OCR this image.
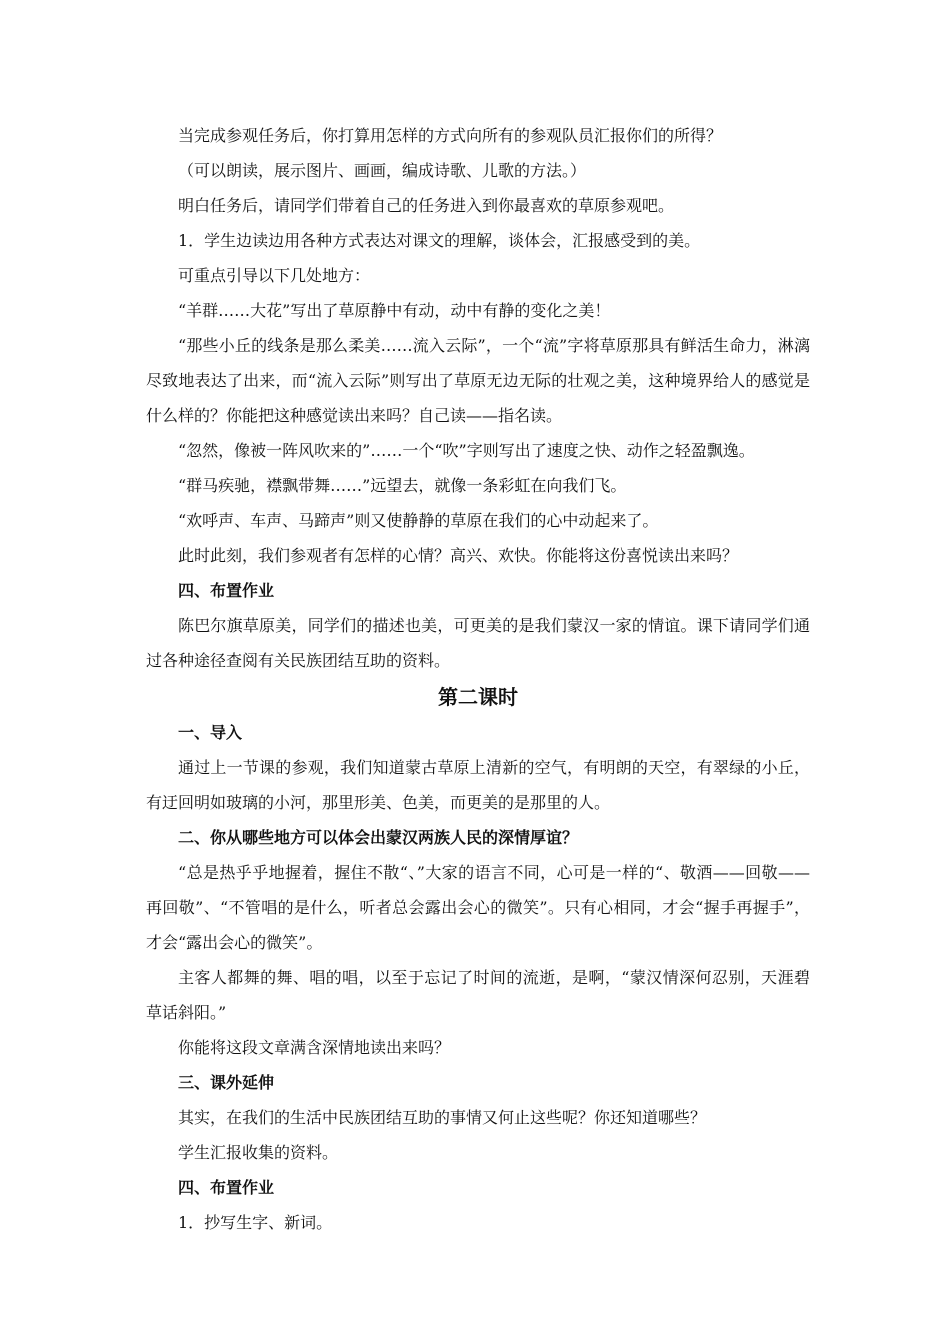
当完成参观任务后，你打算用怎样的方式向所有的参观队员汇报你们的所得？

（可以朗读，展示图片、画画，编成诗歌、儿歌的方法。）

明白任务后，请同学们带着自己的任务进入到你最喜欢的草原参观吧。

1．学生边读边用各种方式表达对课文的理解，谈体会，汇报感受到的美。

可重点引导以下几处地方：

“羊群……大花”写出了草原静中有动，动中有静的变化之美！

“那些小丘的线条是那么柔美……流入云际”，一个“流”字将草原那具有鲜活生命力，淋漓尽致地表达了出来，而“流入云际”则写出了草原无边无际的壮观之美，这种境界给人的感觉是什么样的？你能把这种感觉读出来吗？自己读——指名读。

“忽然，像被一阵风吹来的”……一个“吹”字则写出了速度之快、动作之轻盈飘逸。

“群马疾驰，襟飘带舞……”远望去，就像一条彩虹在向我们飞。

“欢呼声、车声、马蹄声”则又使静静的草原在我们的心中动起来了。

此时此刻，我们参观者有怎样的心情？高兴、欢快。你能将这份喜悦读出来吗？

四、布置作业

陈巴尔旗草原美，同学们的描述也美，可更美的是我们蒙汉一家的情谊。课下请同学们通过各种途径查阅有关民族团结互助的资料。

第二课时

一、导入

通过上一节课的参观，我们知道蒙古草原上清新的空气，有明朗的天空，有翠绿的小丘，有迂回明如玻璃的小河，那里形美、色美，而更美的是那里的人。

二、你从哪些地方可以体会出蒙汉两族人民的深情厚谊？

“总是热乎乎地握着，握住不散“、”大家的语言不同，心可是一样的“、敬酒——回敬——再回敬”、“不管唱的是什么，听者总会露出会心的微笑”。只有心相同，才会“握手再握手”，才会“露出会心的微笑”。

主客人都舞的舞、唱的唱，以至于忘记了时间的流逝，是啊，“蒙汉情深何忍别，天涯碧草话斜阳。”

你能将这段文章满含深情地读出来吗？

三、课外延伸

其实，在我们的生活中民族团结互助的事情又何止这些呢？你还知道哪些？

学生汇报收集的资料。

四、布置作业

1．抄写生字、新词。
